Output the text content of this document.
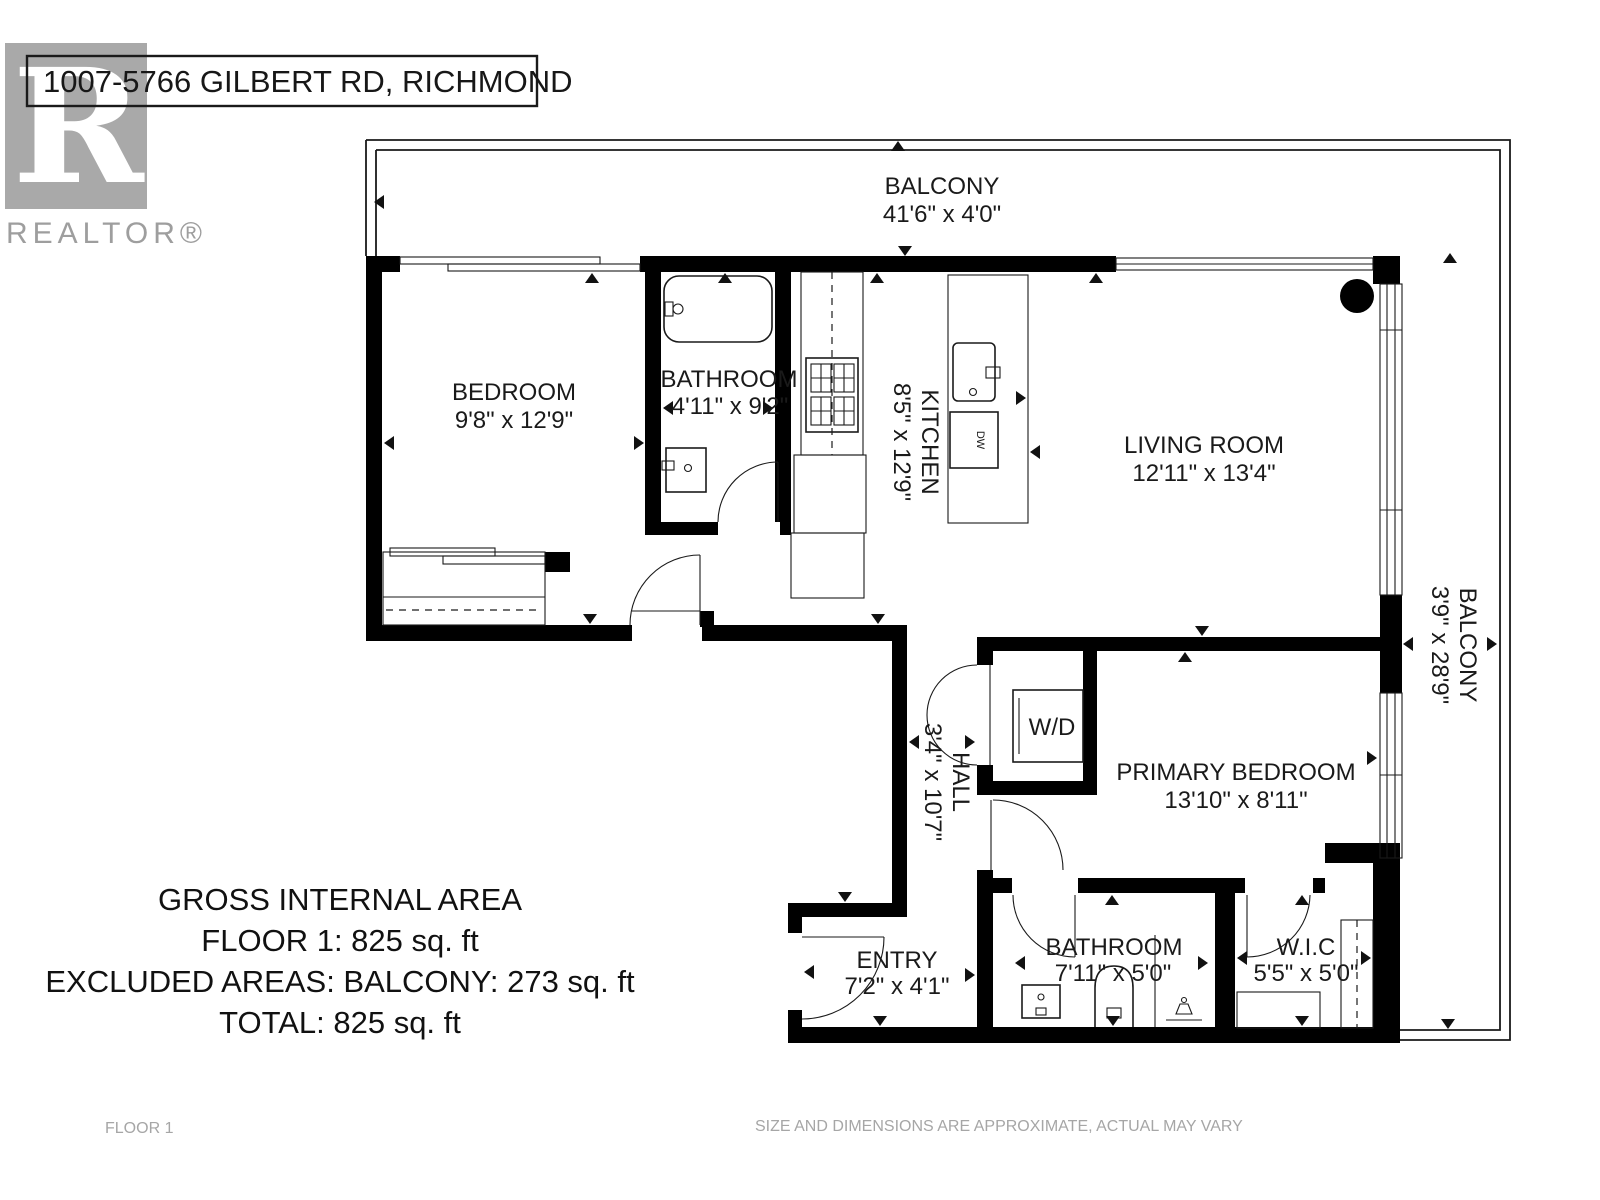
R
REALTOR®
1007-5766 GILBERT RD, RICHMOND
DW
W/D
BALCONY
41'6" x 4'0"
BEDROOM
9'8" x 12'9"
BATHROOM
4'11" x 9'2"	KITCHEN
8'5" x 12'9"	LIVING ROOM
12'11" x 13'4"
BALCONY
3'9" x 28'9"
HALL
3'4" x 10'7"	PRIMARY BEDROOM
13'10" x 8'11"
ENTRY
7'2" x 4'1"
BATHROOM
7'11" x 5'0"
W.I.C
5'5" x 5'0"
GROSS INTERNAL AREA
FLOOR 1: 825 sq. ft
EXCLUDED AREAS: BALCONY: 273 sq. ft
TOTAL: 825 sq. ft
FLOOR 1	SIZE AND DIMENSIONS ARE APPROXIMATE, ACTUAL MAY VARY
